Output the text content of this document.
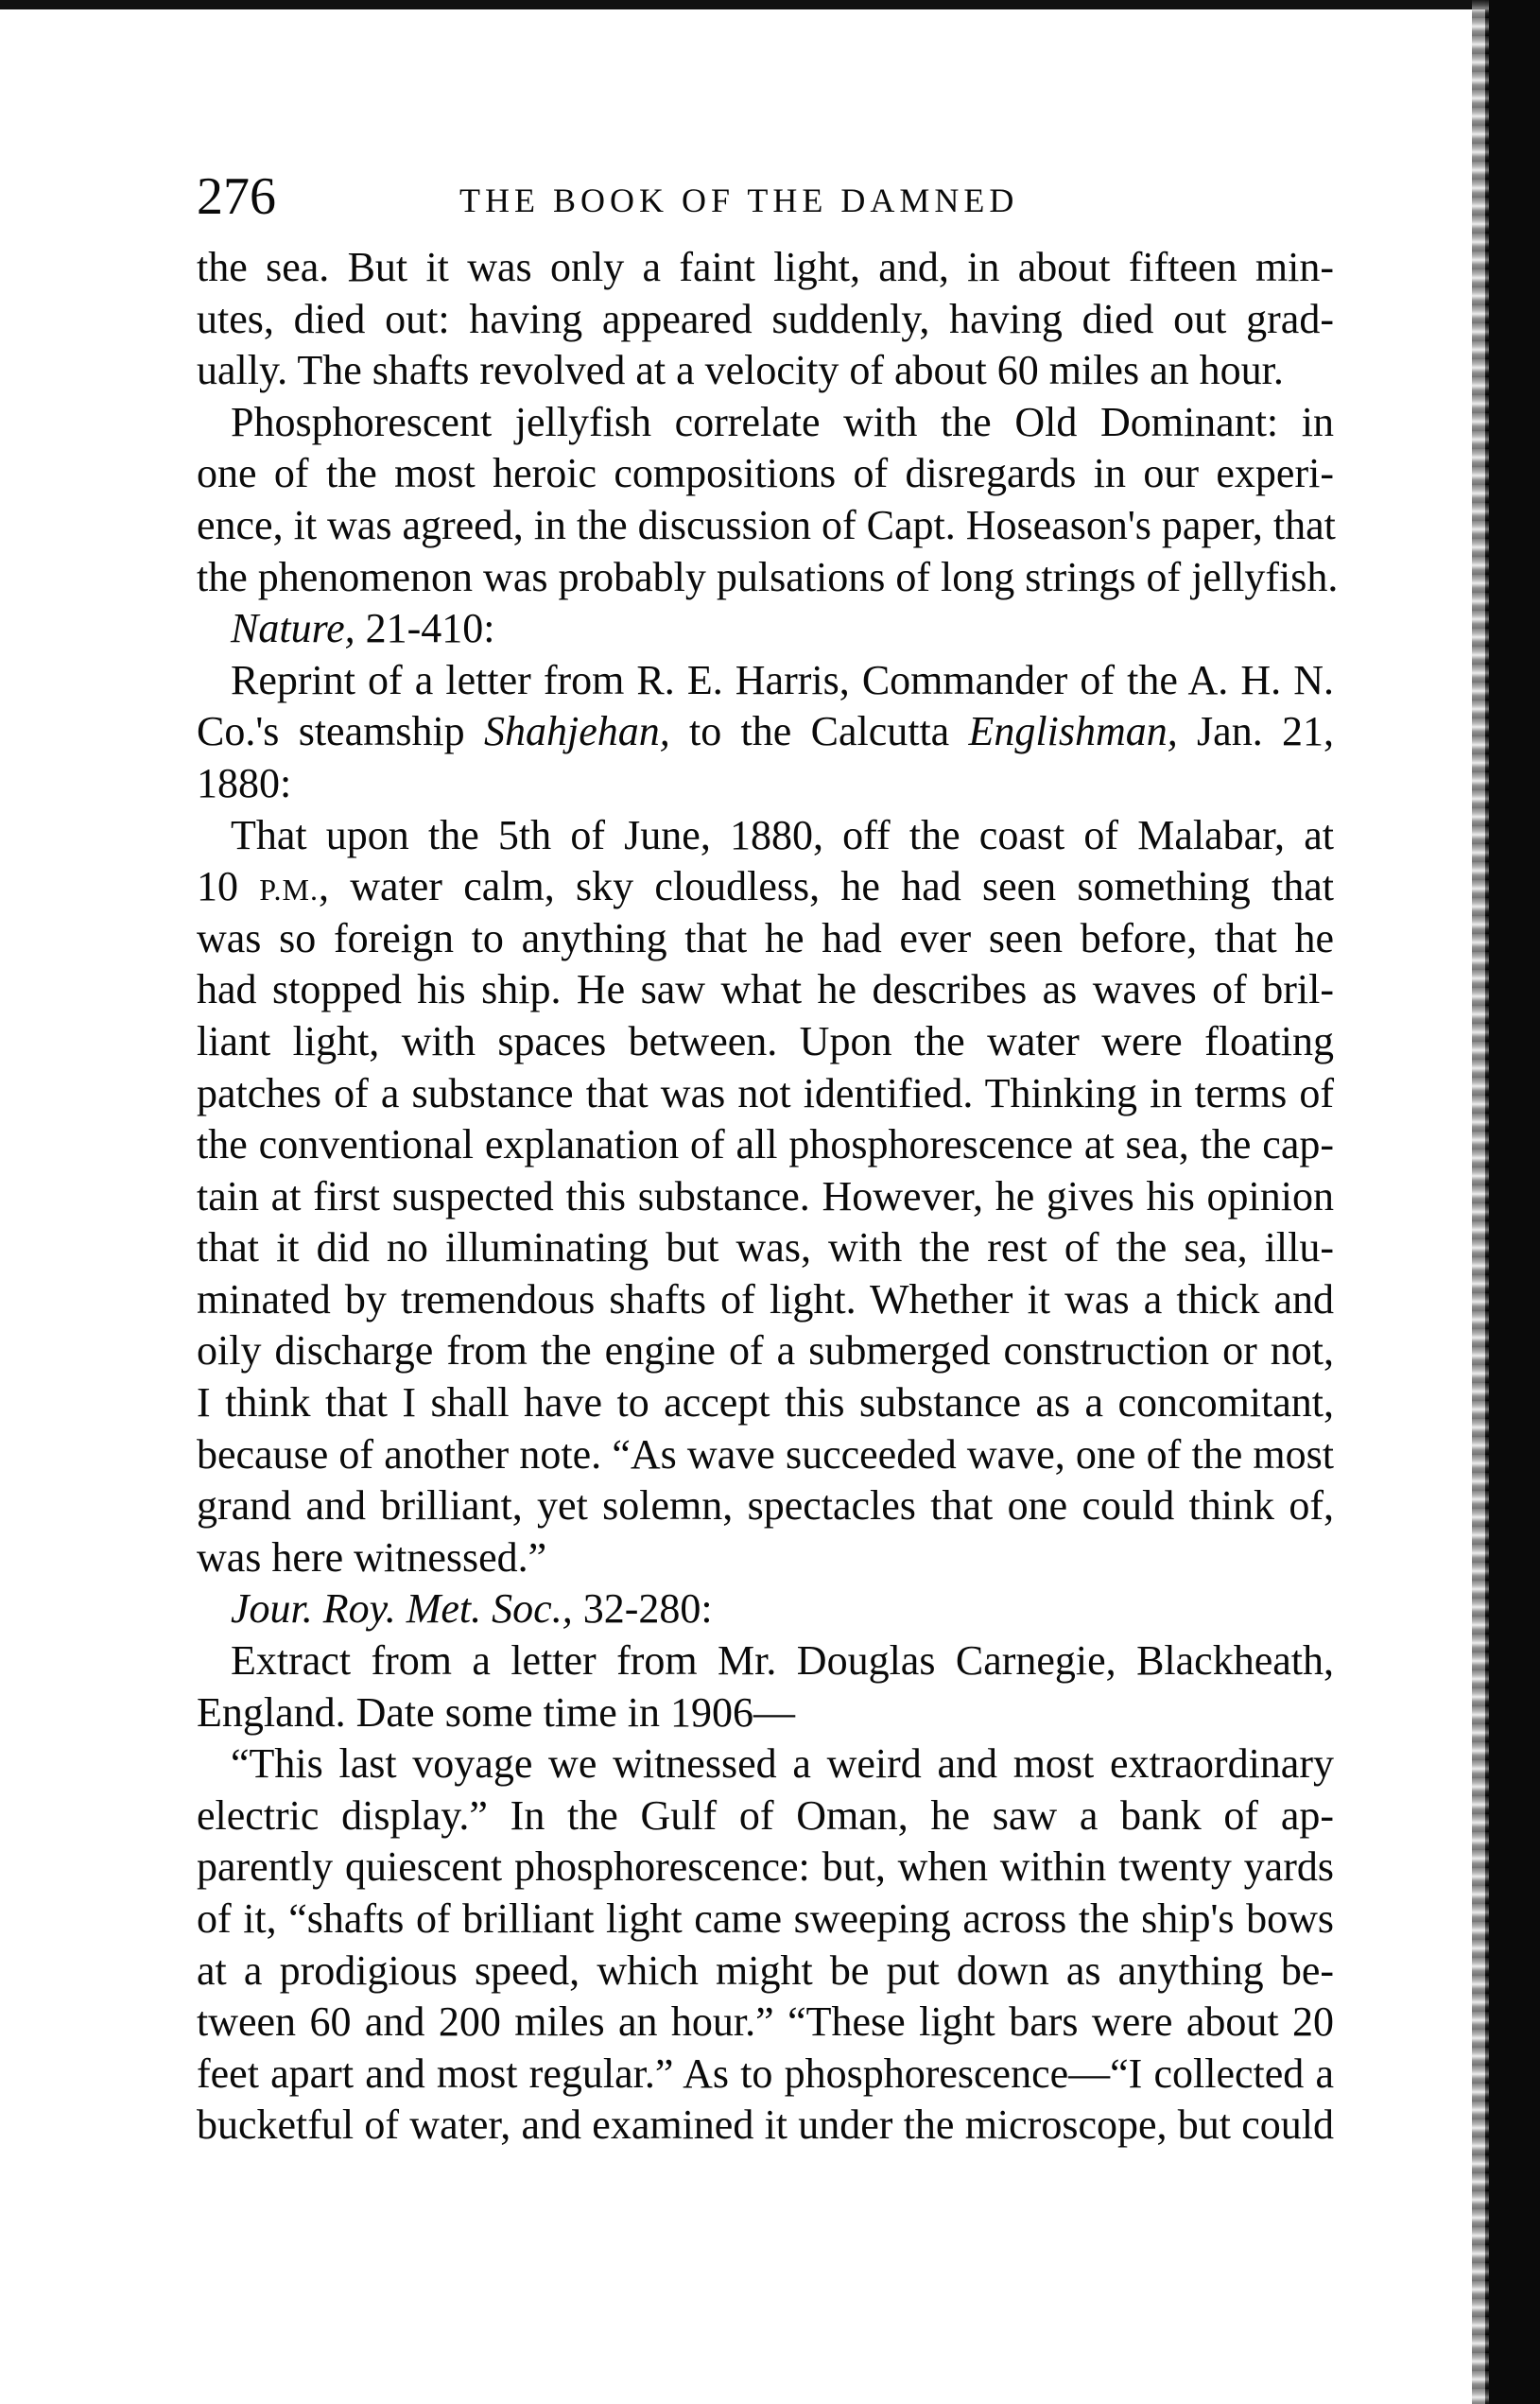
276	THE BOOK OF THE DAMNED
the sea. But it was only a faint light, and, in about fifteen min-
utes, died out: having appeared suddenly, having died out grad-
ually. The shafts revolved at a velocity of about 60 miles an hour.
Phosphorescent jellyfish correlate with the Old Dominant: in
one of the most heroic compositions of disregards in our experi-
ence, it was agreed, in the discussion of Capt. Hoseason's paper, that
the phenomenon was probably pulsations of long strings of jellyfish.
Nature, 21-410:
Reprint of a letter from R. E. Harris, Commander of the A. H. N.
Co.'s steamship Shahjehan, to the Calcutta Englishman, Jan. 21,
1880:
That upon the 5th of June, 1880, off the coast of Malabar, at
10 P.M., water calm, sky cloudless, he had seen something that
was so foreign to anything that he had ever seen before, that he
had stopped his ship. He saw what he describes as waves of bril-
liant light, with spaces between. Upon the water were floating
patches of a substance that was not identified. Thinking in terms of
the conventional explanation of all phosphorescence at sea, the cap-
tain at first suspected this substance. However, he gives his opinion
that it did no illuminating but was, with the rest of the sea, illu-
minated by tremendous shafts of light. Whether it was a thick and
oily discharge from the engine of a submerged construction or not,
I think that I shall have to accept this substance as a concomitant,
because of another note. “As wave succeeded wave, one of the most
grand and brilliant, yet solemn, spectacles that one could think of,
was here witnessed.”
Jour. Roy. Met. Soc., 32-280:
Extract from a letter from Mr. Douglas Carnegie, Blackheath,
England. Date some time in 1906—
“This last voyage we witnessed a weird and most extraordinary
electric display.” In the Gulf of Oman, he saw a bank of ap-
parently quiescent phosphorescence: but, when within twenty yards
of it, “shafts of brilliant light came sweeping across the ship's bows
at a prodigious speed, which might be put down as anything be-
tween 60 and 200 miles an hour.” “These light bars were about 20
feet apart and most regular.” As to phosphorescence—“I collected a
bucketful of water, and examined it under the microscope, but could
